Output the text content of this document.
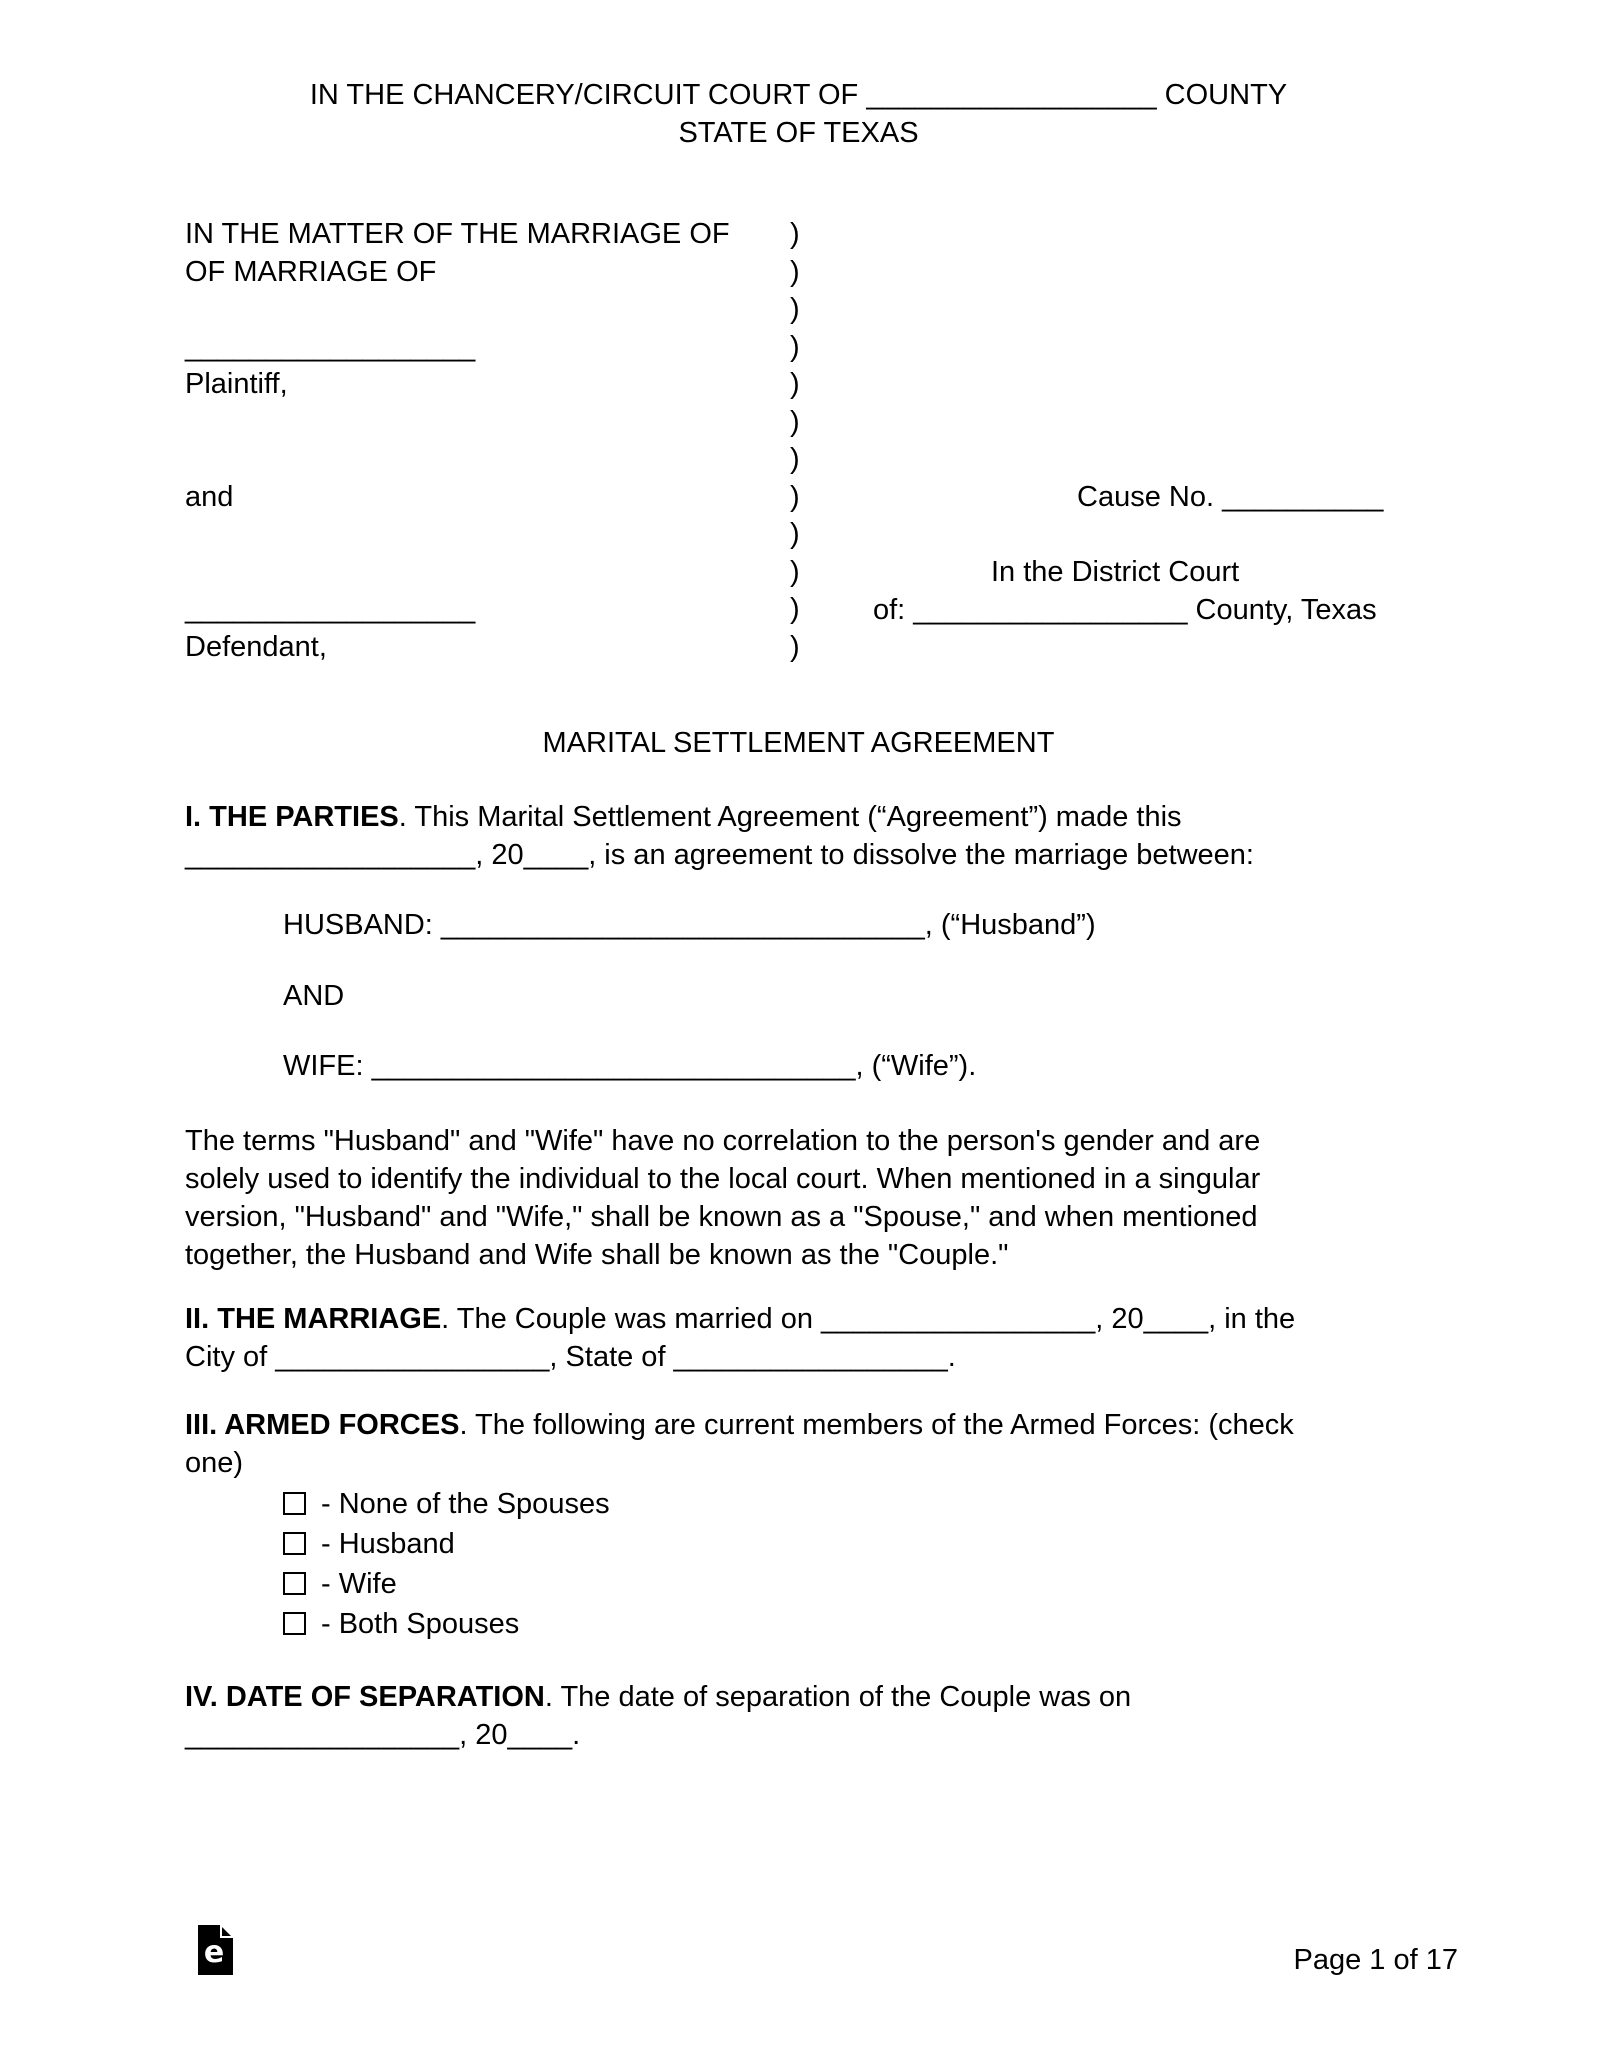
IN THE CHANCERY/CIRCUIT COURT OF __________________ COUNTY
STATE OF TEXAS
IN THE MATTER OF THE MARRIAGE OF )
OF MARRIAGE OF	)
)
__________________	)
Plaintiff,	)
)
)
and	)
)
)
__________________	)
Defendant,	)
Cause No. __________
In the District Court
of: _________________ County, Texas
MARITAL SETTLEMENT AGREEMENT
I. THE PARTIES. This Marital Settlement Agreement (“Agreement”) made this
__________________, 20____, is an agreement to dissolve the marriage between:
HUSBAND: ______________________________, (“Husband”)
AND
WIFE: ______________________________, (“Wife”).
The terms "Husband" and "Wife" have no correlation to the person's gender and are
solely used to identify the individual to the local court. When mentioned in a singular
version, "Husband" and "Wife," shall be known as a "Spouse," and when mentioned
together, the Husband and Wife shall be known as the "Couple."
II. THE MARRIAGE. The Couple was married on _________________, 20____, in the
City of _________________, State of _________________.
III. ARMED FORCES. The following are current members of the Armed Forces: (check
one)
- None of the Spouses
- Husband
- Wife
- Both Spouses
IV. DATE OF SEPARATION. The date of separation of the Couple was on
_________________, 20____.
e	Page 1 of 17
